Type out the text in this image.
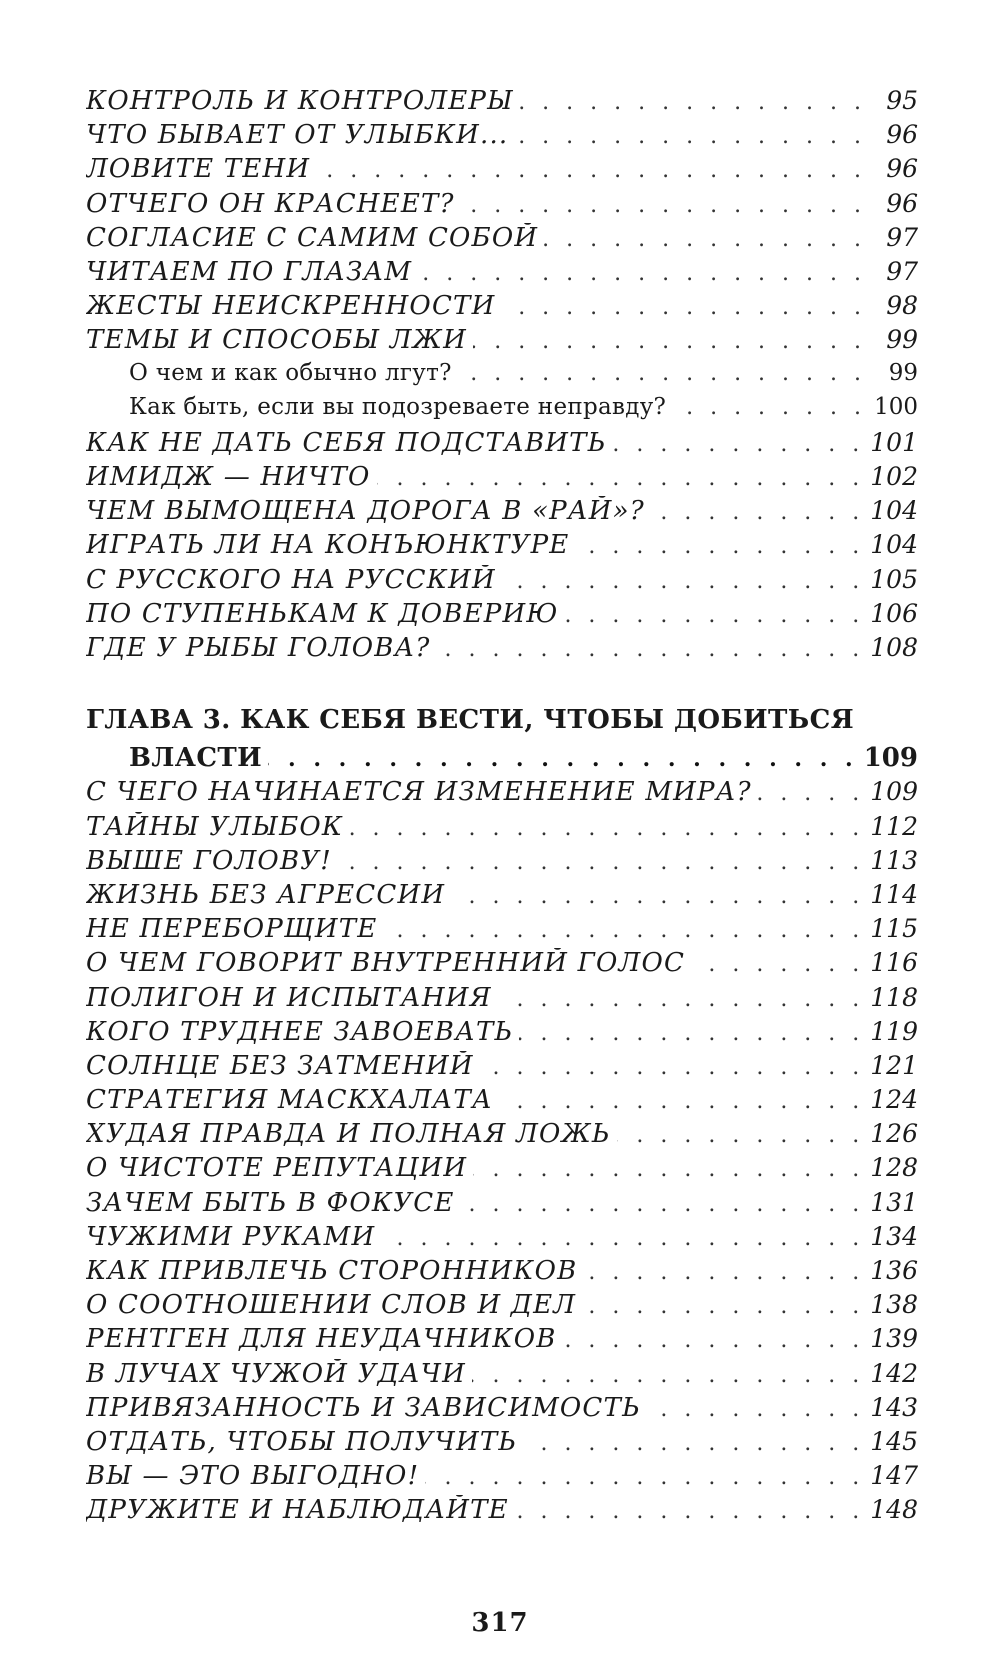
КОНТРОЛЬ И КОНТРОЛЕРЫ . . .	95
ЧТО БЫВАЕТ ОТ УЛЫБКИ... . . .	96
ЛОВИТЕ ТЕНИ . . .	96
ОТЧЕГО ОН КРАСНЕЕТ? . . .	96
СОГЛАСИЕ С САМИМ СОБОЙ . . .	97
ЧИТАЕМ ПО ГЛАЗАМ . . .	97
ЖЕСТЫ НЕИСКРЕННОСТИ . . .	98
ТЕМЫ И СПОСОБЫ ЛЖИ . . .	99
О чем и как обычно лгут? . . .	99
Как быть, если вы подозреваете неправду? . . .	100
КАК НЕ ДАТЬ СЕБЯ ПОДСТАВИТЬ . . .	101
ИМИДЖ — НИЧТО . . .	102
ЧЕМ ВЫМОЩЕНА ДОРОГА В «РАЙ»? . . .	104
ИГРАТЬ ЛИ НА КОНЪЮНКТУРЕ . . .	104
С РУССКОГО НА РУССКИЙ . . .	105
ПО СТУПЕНЬКАМ К ДОВЕРИЮ . . .	106
ГДЕ У РЫБЫ ГОЛОВА? . . .	108
ГЛАВА 3. КАК СЕБЯ ВЕСТИ, ЧТОБЫ ДОБИТЬСЯ
ВЛАСТИ . . .	109
С ЧЕГО НАЧИНАЕТСЯ ИЗМЕНЕНИЕ МИРА? . . .	109
ТАЙНЫ УЛЫБОК . . .	112
ВЫШЕ ГОЛОВУ! . . .	113
ЖИЗНЬ БЕЗ АГРЕССИИ . . .	114
НЕ ПЕРЕБОРЩИТЕ . . .	115
О ЧЕМ ГОВОРИТ ВНУТРЕННИЙ ГОЛОС . . .	116
ПОЛИГОН И ИСПЫТАНИЯ . . .	118
КОГО ТРУДНЕЕ ЗАВОЕВАТЬ . . .	119
СОЛНЦЕ БЕЗ ЗАТМЕНИЙ . . .	121
СТРАТЕГИЯ МАСКХАЛАТА . . .	124
ХУДАЯ ПРАВДА И ПОЛНАЯ ЛОЖЬ . . .	126
О ЧИСТОТЕ РЕПУТАЦИИ . . .	128
ЗАЧЕМ БЫТЬ В ФОКУСЕ . . .	131
ЧУЖИМИ РУКАМИ . . .	134
КАК ПРИВЛЕЧЬ СТОРОННИКОВ . . .	136
О СООТНОШЕНИИ СЛОВ И ДЕЛ . . .	138
РЕНТГЕН ДЛЯ НЕУДАЧНИКОВ . . .	139
В ЛУЧАХ ЧУЖОЙ УДАЧИ . . .	142
ПРИВЯЗАННОСТЬ И ЗАВИСИМОСТЬ . . .	143
ОТДАТЬ, ЧТОБЫ ПОЛУЧИТЬ . . .	145
ВЫ — ЭТО ВЫГОДНО! . . .	147
ДРУЖИТЕ И НАБЛЮДАЙТЕ . . .	148
317
